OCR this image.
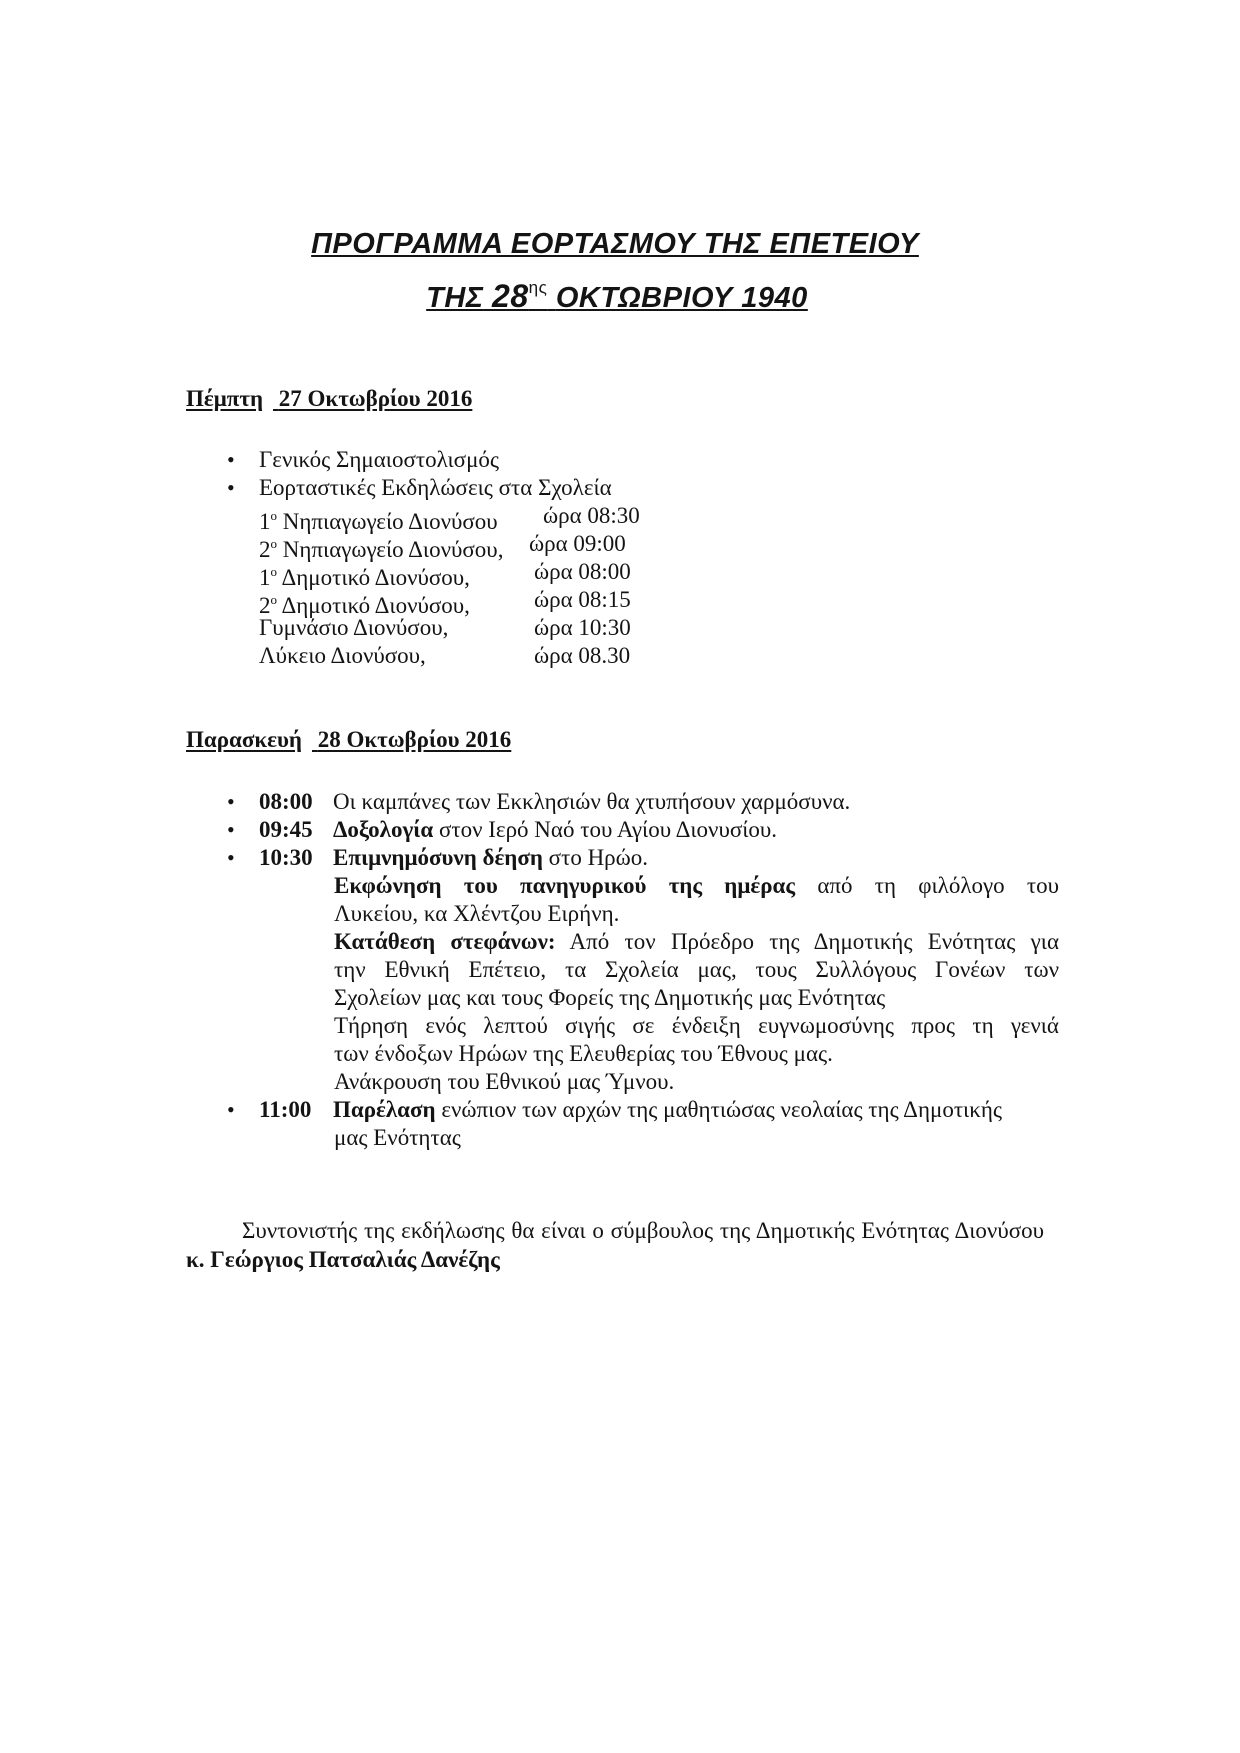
ΠΡΟΓΡΑΜΜΑ ΕΟΡΤΑΣΜΟΥ ΤΗΣ ΕΠΕΤΕΙΟΥ
ΤΗΣ $28^{\eta\varsigma}$ ΟΚΤΩΒΡΙΟΥ 1940
Πέμπτη 27 Οκτωβρίου 2016
• Γενικός Σημαιοστολισμός
• Εορταστικές Εκδηλώσεις στα Σχολεία
$1^o$ Νηπιαγωγείο Διονύσου ώρα 08:30
$2^o$ Νηπιαγωγείο Διονύσου, ώρα 09:00
$1^o$ Δημοτικό Διονύσου,	ώρα 08:00
$2^o$ Δημοτικό Διονύσου,	ώρα 08:15
Γυμνάσιο Διονύσου,	ώρα 10:30
Λύκειο Διονύσου,	ώρα 08.30
Παρασκευή 28 Οκτωβρίου 2016
• 08:00 Οι καμπάνες των Εκκλησιών θα χτυπήσουν χαρμόσυνα.
• 09:45 Δοξολογία στον Ιερό Ναό του Αγίου Διονυσίου.
• 10:30 Επιμνημόσυνη δέηση στο Ηρώο.
Εκφώνηση του πανηγυρικού της ημέρας από τη φιλόλογο του
Λυκείου, κα Χλέντζου Ειρήνη.
Κατάθεση στεφάνων: Από τον Πρόεδρο της Δημοτικής Ενότητας για
την Εθνική Επέτειο, τα Σχολεία μας, τους Συλλόγους Γονέων των
Σχολείων μας και τους Φορείς της Δημοτικής μας Ενότητας
Τήρηση ενός λεπτού σιγής σε ένδειξη ευγνωμοσύνης προς τη γενιά
των ένδοξων Ηρώων της Ελευθερίας του Έθνους μας.
Ανάκρουση του Εθνικού μας Ύμνου.
• 11:00 Παρέλαση ενώπιον των αρχών της μαθητιώσας νεολαίας της Δημοτικής
μας Ενότητας

Συντονιστής της εκδήλωσης θα είναι ο σύμβουλος της Δημοτικής Ενότητας Διονύσου κ. Γεώργιος Πατσαλιάς Δανέζης
